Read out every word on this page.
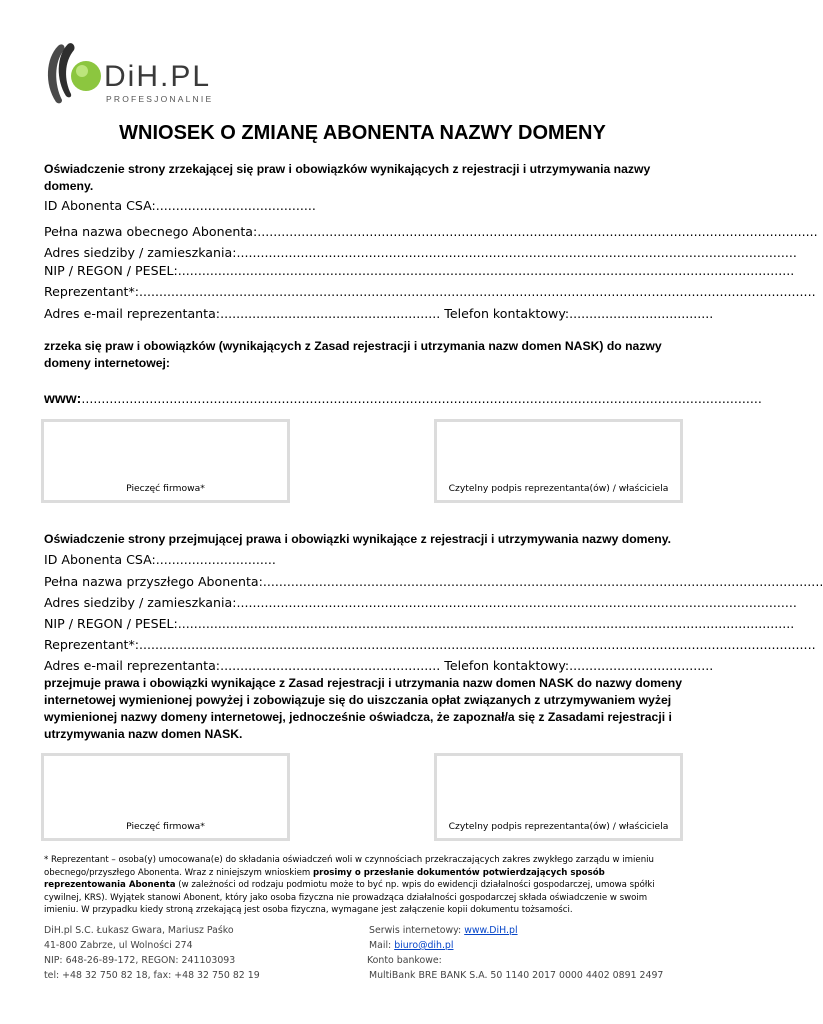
DiH.PL
PROFESJONALNIE
WNIOSEK O ZMIANĘ ABONENTA NAZWY DOMENY
Oświadczenie strony zrzekającej się praw i obowiązków wynikających z rejestracji i utrzymywania nazwy domeny.
ID Abonenta CSA:........................................
Pełna nazwa obecnego Abonenta:............................................................................................................................................
Adres siedziby / zamieszkania:............................................................................................................................................
NIP / REGON / PESEL:..........................................................................................................................................................
Reprezentant*:.........................................................................................................................................................................
Adres e-mail reprezentanta:....................................................... Telefon kontaktowy:....................................
zrzeka się praw i obowiązków (wynikających z Zasad rejestracji i utrzymania nazw domen NASK) do nazwy domeny internetowej:
www:..........................................................................................................................................................................
Pieczęć firmowa*	Czytelny podpis reprezentanta(ów) / właściciela
Oświadczenie strony przejmującej prawa i obowiązki wynikające z rejestracji i utrzymywania nazwy domeny.
ID Abonenta CSA:..............................
Pełna nazwa przyszłego Abonenta:............................................................................................................................................
Adres siedziby / zamieszkania:............................................................................................................................................
NIP / REGON / PESEL:..........................................................................................................................................................
Reprezentant*:.........................................................................................................................................................................
Adres e-mail reprezentanta:....................................................... Telefon kontaktowy:....................................
przejmuje prawa i obowiązki wynikające z Zasad rejestracji i utrzymania nazw domen NASK do nazwy domeny internetowej wymienionej powyżej i zobowiązuje się do uiszczania opłat związanych z utrzymywaniem wyżej wymienionej nazwy domeny internetowej, jednocześnie oświadcza, że zapoznał/a się z Zasadami rejestracji i utrzymywania nazw domen NASK.
Pieczęć firmowa*	Czytelny podpis reprezentanta(ów) / właściciela
* Reprezentant – osoba(y) umocowana(e) do składania oświadczeń woli w czynnościach przekraczających zakres zwykłego zarządu w imieniu obecnego/przyszłego Abonenta. Wraz z niniejszym wnioskiem prosimy o przesłanie dokumentów potwierdzających sposób reprezentowania Abonenta (w zależności od rodzaju podmiotu może to być np. wpis do ewidencji działalności gospodarczej, umowa spółki cywilnej, KRS). Wyjątek stanowi Abonent, który jako osoba fizyczna nie prowadząca działalności gospodarczej składa oświadczenie w swoim imieniu. W przypadku kiedy stroną zrzekającą jest osoba fizyczna, wymagane jest załączenie kopii dokumentu tożsamości.
DiH.pl S.C. Łukasz Gwara, Mariusz Paśko
41-800 Zabrze, ul Wolności 274
NIP: 648-26-89-172, REGON: 241103093
tel: +48 32 750 82 18, fax: +48 32 750 82 19
Serwis internetowy: www.DiH.pl
Mail: biuro@dih.pl
Konto bankowe:
MultiBank BRE BANK S.A. 50 1140 2017 0000 4402 0891 2497
